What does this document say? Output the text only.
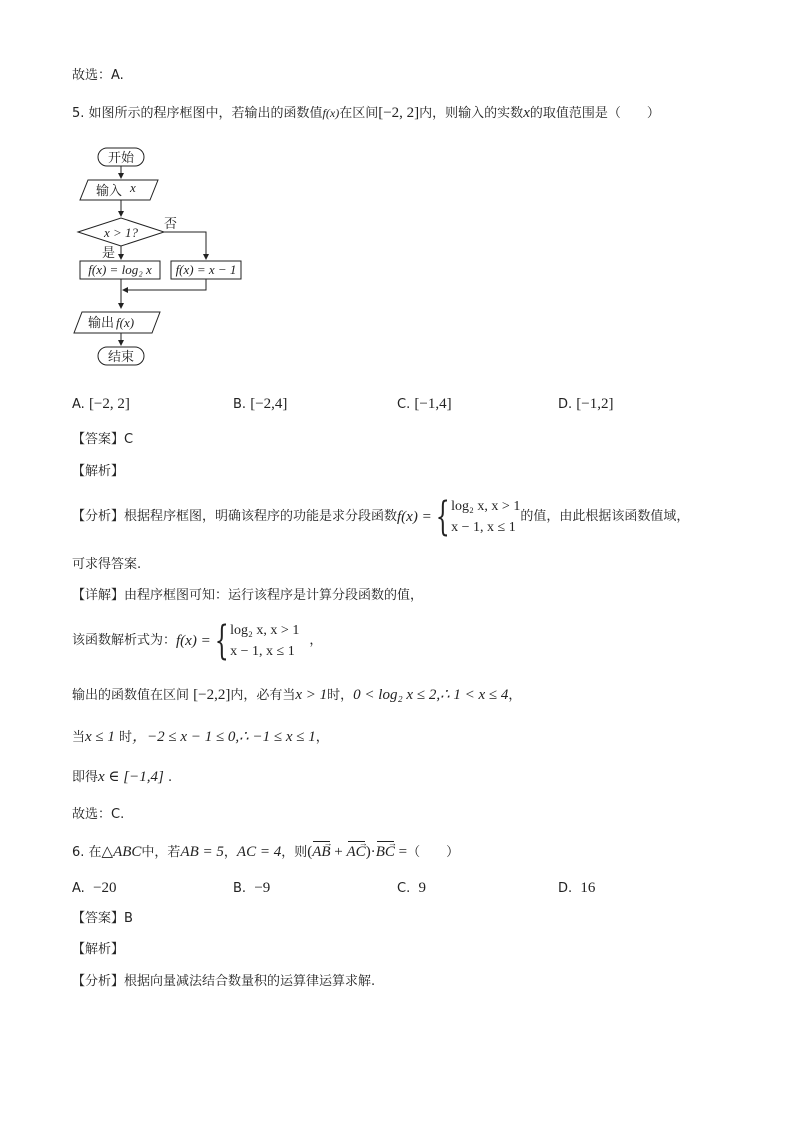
故选：A.
5. 如图所示的程序框图中，若输出的函数值f(x)在区间[−2, 2]内，则输入的实数x的取值范围是（　　）
开始
输入 x
x > 1?
否
是
f(x) = log₂ x f(x) = x − 1
输出 f(x)
结束
A. [−2, 2]	B. [−2,4]	C. [−1,4]	D. [−1,2]
【答案】C
【解析】
【分析】根据程序框图，明确该程序的功能是求分段函数f(x) ={ log₂ x, x > 1
x − 1, x ≤ 1
的值，由此根据该函数值域，
可求得答案.
【详解】由程序框图可知：运行该程序是计算分段函数的值，
该函数解析式为：f(x) ={ log₂ x, x > 1
x − 1, x ≤ 1
，
输出的函数值在区间 [−2,2]内，必有当x > 1时，0 < log₂ x ≤ 2,∴ 1 < x ≤ 4，
当x ≤ 1 时，−2 ≤ x − 1 ≤ 0,∴ −1 ≤ x ≤ 1，
即得x ∈ [−1,4] .
故选：C.
6. 在△ABC中，若AB = 5，AC = 4，则(AB → + AC →)·BC → =（　　）
A. −20	B. −9	C. 9	D. 16
【答案】B
【解析】
【分析】根据向量减法结合数量积的运算律运算求解.
